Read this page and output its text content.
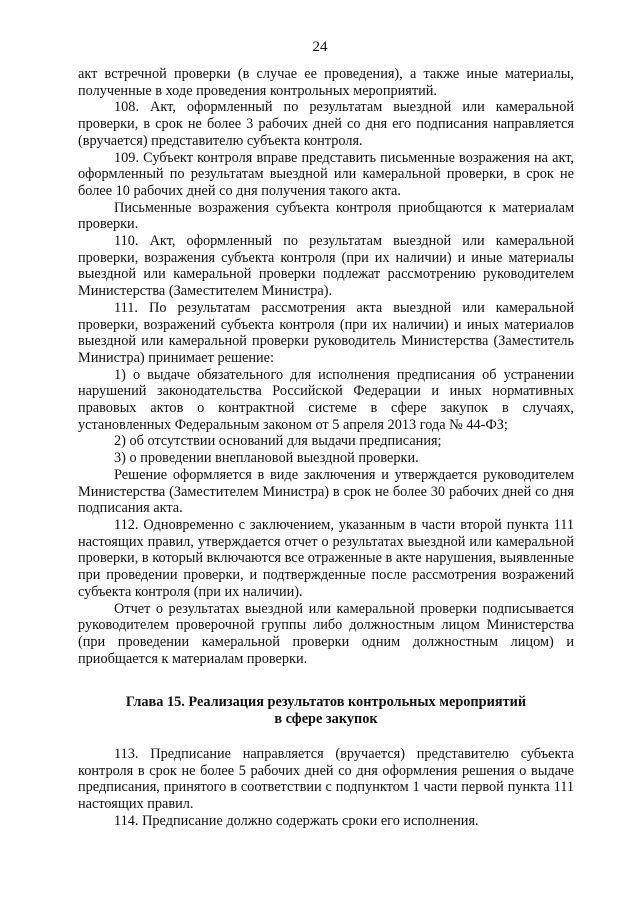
24

акт встречной проверки (в случае ее проведения), а также иные материалы, полученные в ходе проведения контрольных мероприятий.

108. Акт, оформленный по результатам выездной или камеральной проверки, в срок не более 3 рабочих дней со дня его подписания направляется (вручается) представителю субъекта контроля.

109. Субъект контроля вправе представить письменные возражения на акт, оформленный по результатам выездной или камеральной проверки, в срок не более 10 рабочих дней со дня получения такого акта.

Письменные возражения субъекта контроля приобщаются к материалам проверки.

110. Акт, оформленный по результатам выездной или камеральной проверки, возражения субъекта контроля (при их наличии) и иные материалы выездной или камеральной проверки подлежат рассмотрению руководителем Министерства (Заместителем Министра).

111. По результатам рассмотрения акта выездной или камеральной проверки, возражений субъекта контроля (при их наличии) и иных материалов выездной или камеральной проверки руководитель Министерства (Заместитель Министра) принимает решение:

1) о выдаче обязательного для исполнения предписания об устранении нарушений законодательства Российской Федерации и иных нормативных правовых актов о контрактной системе в сфере закупок в случаях, установленных Федеральным законом от 5 апреля 2013 года № 44-ФЗ;

2) об отсутствии оснований для выдачи предписания;

3) о проведении внеплановой выездной проверки.

Решение оформляется в виде заключения и утверждается руководителем Министерства (Заместителем Министра) в срок не более 30 рабочих дней со дня подписания акта.

112. Одновременно с заключением, указанным в части второй пункта 111 настоящих правил, утверждается отчет о результатах выездной или камеральной проверки, в который включаются все отраженные в акте нарушения, выявленные при проведении проверки, и подтвержденные после рассмотрения возражений субъекта контроля (при их наличии).

Отчет о результатах выездной или камеральной проверки подписывается руководителем проверочной группы либо должностным лицом Министерства (при проведении камеральной проверки одним должностным лицом) и приобщается к материалам проверки.

Глава 15. Реализация результатов контрольных мероприятий
в сфере закупок

113. Предписание направляется (вручается) представителю субъекта контроля в срок не более 5 рабочих дней со дня оформления решения о выдаче предписания, принятого в соответствии с подпунктом 1 части первой пункта 111 настоящих правил.

114. Предписание должно содержать сроки его исполнения.
